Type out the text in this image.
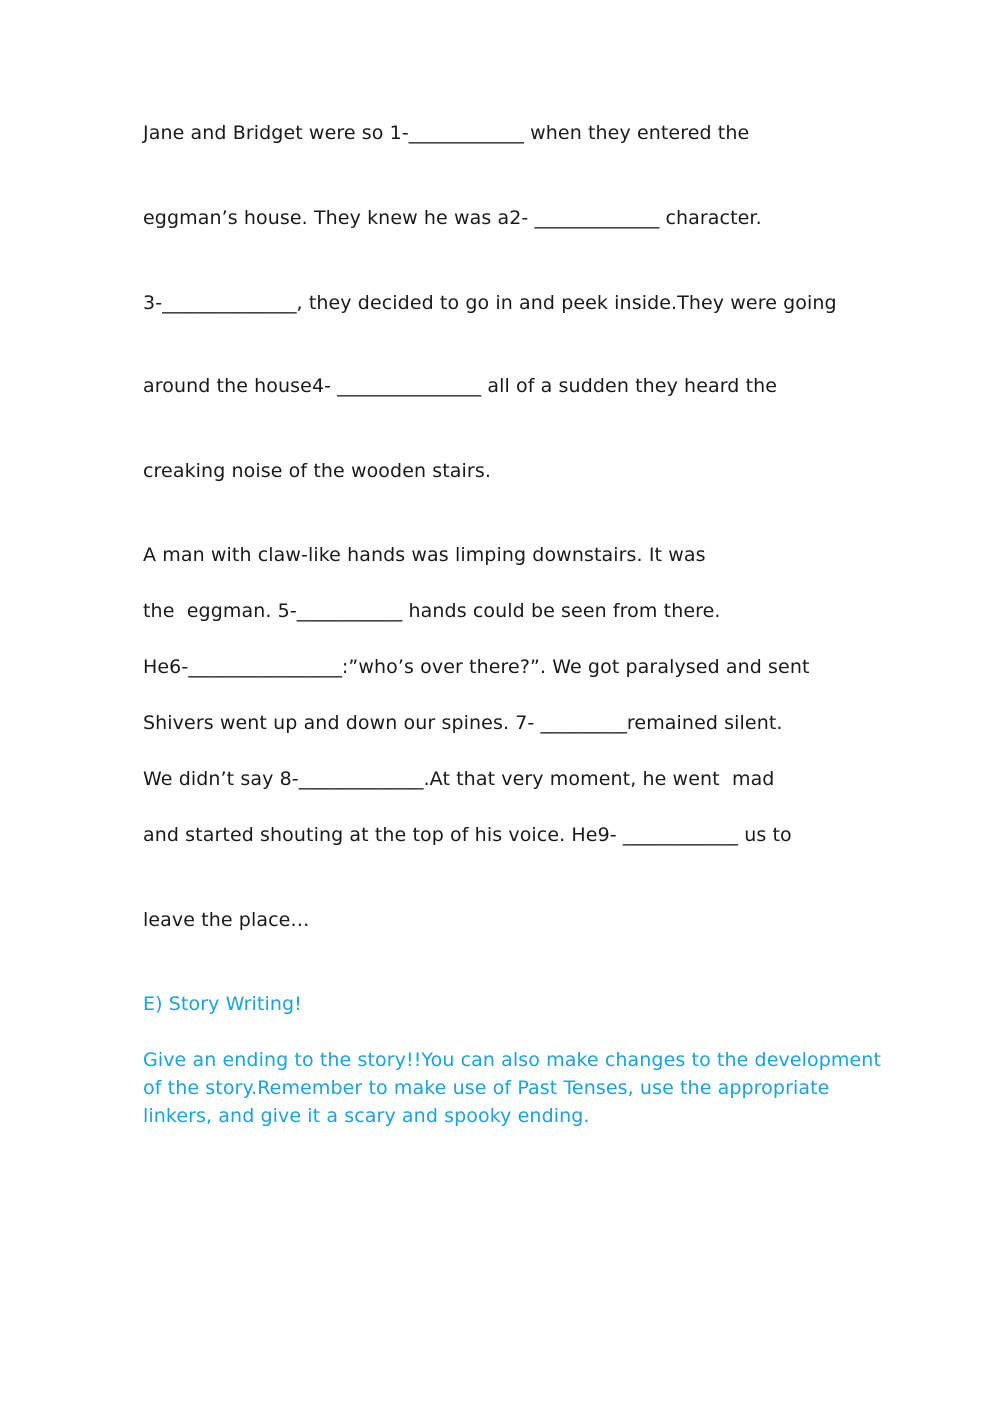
Jane and Bridget were so 1-____________ when they entered the
eggman’s house. They knew he was a2- _____________ character.
3-______________, they decided to go in and peek inside.They were going
around the house4- _______________ all of a sudden they heard the
creaking noise of the wooden stairs.
A man with claw-like hands was limping downstairs. It was
the  eggman. 5-___________ hands could be seen from there.
He6-________________:”who’s over there?”. We got paralysed and sent
Shivers went up and down our spines. 7- _________remained silent.
We didn’t say 8-_____________.At that very moment, he went  mad
and started shouting at the top of his voice. He9- ____________ us to
leave the place…
E) Story Writing!
Give an ending to the story!!You can also make changes to the development
of the story.Remember to make use of Past Tenses, use the appropriate
linkers, and give it a scary and spooky ending.
